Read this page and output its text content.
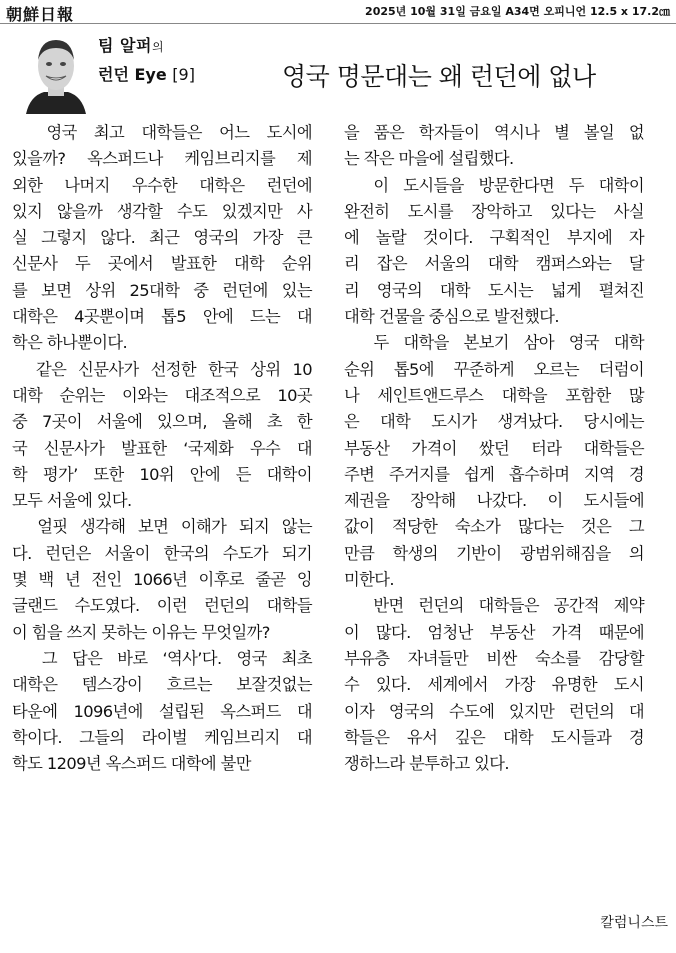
朝鮮日報	2025년 10월 31일 금요일 A34면 오피니언 12.5 x 17.2㎝
팀 알퍼의
런던 Eye [9]	영국 명문대는 왜 런던에 없나
영국 최고 대학들은 어느 도시에
있을까? 옥스퍼드나 케임브리지를 제
외한 나머지 우수한 대학은 런던에
있지 않을까 생각할 수도 있겠지만 사
실 그렇지 않다. 최근 영국의 가장 큰
신문사 두 곳에서 발표한 대학 순위
를 보면 상위 25대학 중 런던에 있는
대학은 4곳뿐이며 톱5 안에 드는 대
학은 하나뿐이다.
같은 신문사가 선정한 한국 상위 10
대학 순위는 이와는 대조적으로 10곳
중 7곳이 서울에 있으며, 올해 초 한
국 신문사가 발표한 ‘국제화 우수 대
학 평가’ 또한 10위 안에 든 대학이
모두 서울에 있다.
얼핏 생각해 보면 이해가 되지 않는
다. 런던은 서울이 한국의 수도가 되기
몇 백 년 전인 1066년 이후로 줄곧 잉
글랜드 수도였다. 이런 런던의 대학들
이 힘을 쓰지 못하는 이유는 무엇일까?
그 답은 바로 ‘역사’다. 영국 최초
대학은 템스강이 흐르는 보잘것없는
타운에 1096년에 설립된 옥스퍼드 대
학이다. 그들의 라이벌 케임브리지 대
학도 1209년 옥스퍼드 대학에 불만
을 품은 학자들이 역시나 별 볼일 없
는 작은 마을에 설립했다.
이 도시들을 방문한다면 두 대학이
완전히 도시를 장악하고 있다는 사실
에 놀랄 것이다. 구획적인 부지에 자
리 잡은 서울의 대학 캠퍼스와는 달
리 영국의 대학 도시는 넓게 펼쳐진
대학 건물을 중심으로 발전했다.
두 대학을 본보기 삼아 영국 대학
순위 톱5에 꾸준하게 오르는 더럼이
나 세인트앤드루스 대학을 포함한 많
은 대학 도시가 생겨났다. 당시에는
부동산 가격이 쌌던 터라 대학들은
주변 주거지를 쉽게 흡수하며 지역 경
제권을 장악해 나갔다. 이 도시들에
값이 적당한 숙소가 많다는 것은 그
만큼 학생의 기반이 광범위해짐을 의
미한다.
반면 런던의 대학들은 공간적 제약
이 많다. 엄청난 부동산 가격 때문에
부유층 자녀들만 비싼 숙소를 감당할
수 있다. 세계에서 가장 유명한 도시
이자 영국의 수도에 있지만 런던의 대
학들은 유서 깊은 대학 도시들과 경
쟁하느라 분투하고 있다.
칼럼니스트
